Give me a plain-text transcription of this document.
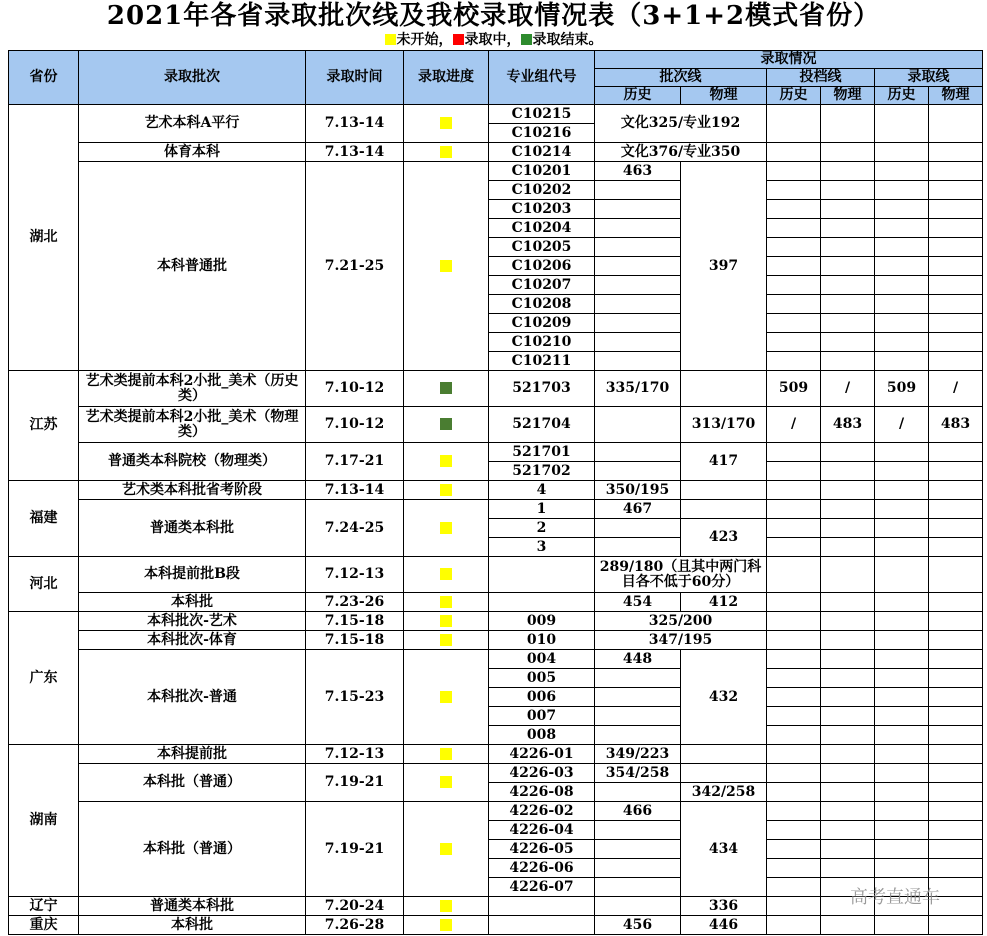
2021年各省录取批次线及我校录取情况表（3+1+2模式省份）
未开始， 录取中， 录取结束。
省份	录取批次	录取时间	录取进度	专业组代号	录取情况					
					批次线		投档线		录取线	
					历史	物理	历史	物理	历史	物理
湖北	艺术本科A平行	7.13-14		C10215	文化325/专业192					
				C10216						
	体育本科	7.13-14		C10214	文化376/专业350					
	本科普通批	7.21-25		C10201	463	397				
				C10202						
				C10203						
				C10204						
				C10205						
				C10206						
				C10207						
				C10208						
				C10209						
				C10210						
				C10211						
江苏	艺术类提前本科2小批_美术（历史类）	7.10-12		521703	335/170		509	/	509	/
	艺术类提前本科2小批_美术（物理类）	7.10-12		521704		313/170	/	483	/	483
	普通类本科院校（物理类）	7.17-21		521701		417				
				521702						
福建	艺术类本科批省考阶段	7.13-14		4	350/195					
	普通类本科批	7.24-25		1	467					
				2		423				
				3						
河北	本科提前批B段	7.12-13			289/180（且其中两门科目各不低于60分）					
	本科批	7.23-26			454	412				
广东	本科批次-艺术	7.15-18		009	325/200					
	本科批次-体育	7.15-18		010	347/195					
	本科批次-普通	7.15-23		004	448	432				
				005						
				006						
				007						
				008						
湖南	本科提前批	7.12-13		4226-01	349/223					
	本科批（普通）	7.19-21		4226-03	354/258					
				4226-08		342/258				
	本科批（普通）	7.19-21		4226-02	466	434				
				4226-04						
				4226-05						
				4226-06						
				4226-07						
辽宁	普通类本科批	7.20-24				336				
重庆	本科批	7.26-28			456	446				
高考直通车
